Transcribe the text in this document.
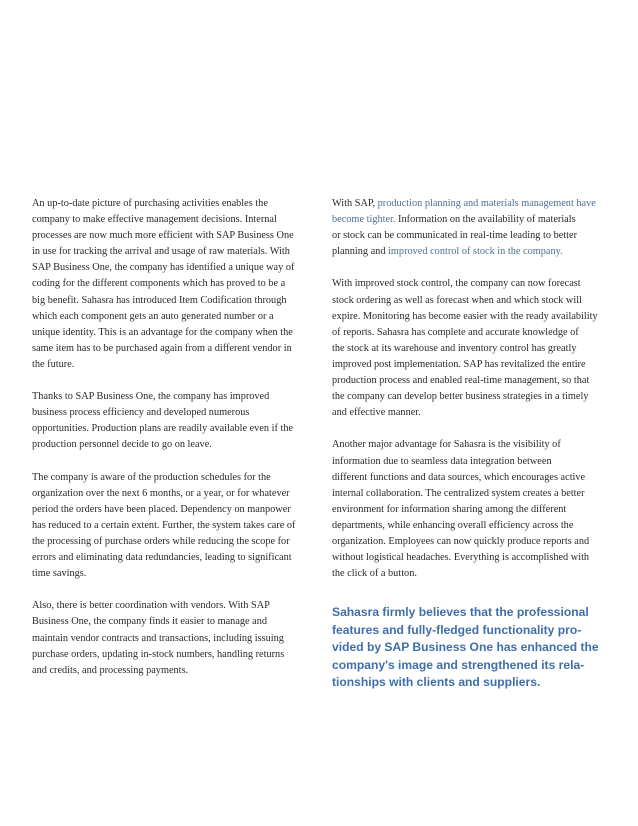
An up-to-date picture of purchasing activities enables the
company to make effective management decisions. Internal
processes are now much more efficient with SAP Business One
in use for tracking the arrival and usage of raw materials. With
SAP Business One, the company has identified a unique way of
coding for the different components which has proved to be a
big benefit. Sahasra has introduced Item Codification through
which each component gets an auto generated number or a
unique identity. This is an advantage for the company when the
same item has to be purchased again from a different vendor in
the future.
Thanks to SAP Business One, the company has improved
business process efficiency and developed numerous
opportunities. Production plans are readily available even if the
production personnel decide to go on leave.
The company is aware of the production schedules for the
organization over the next 6 months, or a year, or for whatever
period the orders have been placed. Dependency on manpower
has reduced to a certain extent. Further, the system takes care of
the processing of purchase orders while reducing the scope for
errors and eliminating data redundancies, leading to significant
time savings.
Also, there is better coordination with vendors. With SAP
Business One, the company finds it easier to manage and
maintain vendor contracts and transactions, including issuing
purchase orders, updating in-stock numbers, handling returns
and credits, and processing payments.
With SAP, production planning and materials management have
become tighter. Information on the availability of materials
or stock can be communicated in real-time leading to better
planning and improved control of stock in the company.
With improved stock control, the company can now forecast
stock ordering as well as forecast when and which stock will
expire. Monitoring has become easier with the ready availability
of reports. Sahasra has complete and accurate knowledge of
the stock at its warehouse and inventory control has greatly
improved post implementation. SAP has revitalized the entire
production process and enabled real-time management, so that
the company can develop better business strategies in a timely
and effective manner.
Another major advantage for Sahasra is the visibility of
information due to seamless data integration between
different functions and data sources, which encourages active
internal collaboration. The centralized system creates a better
environment for information sharing among the different
departments, while enhancing overall efficiency across the
organization. Employees can now quickly produce reports and
without logistical headaches. Everything is accomplished with
the click of a button.
Sahasra firmly believes that the professional
features and fully-fledged functionality pro-
vided by SAP Business One has enhanced the
company's image and strengthened its rela-
tionships with clients and suppliers.
